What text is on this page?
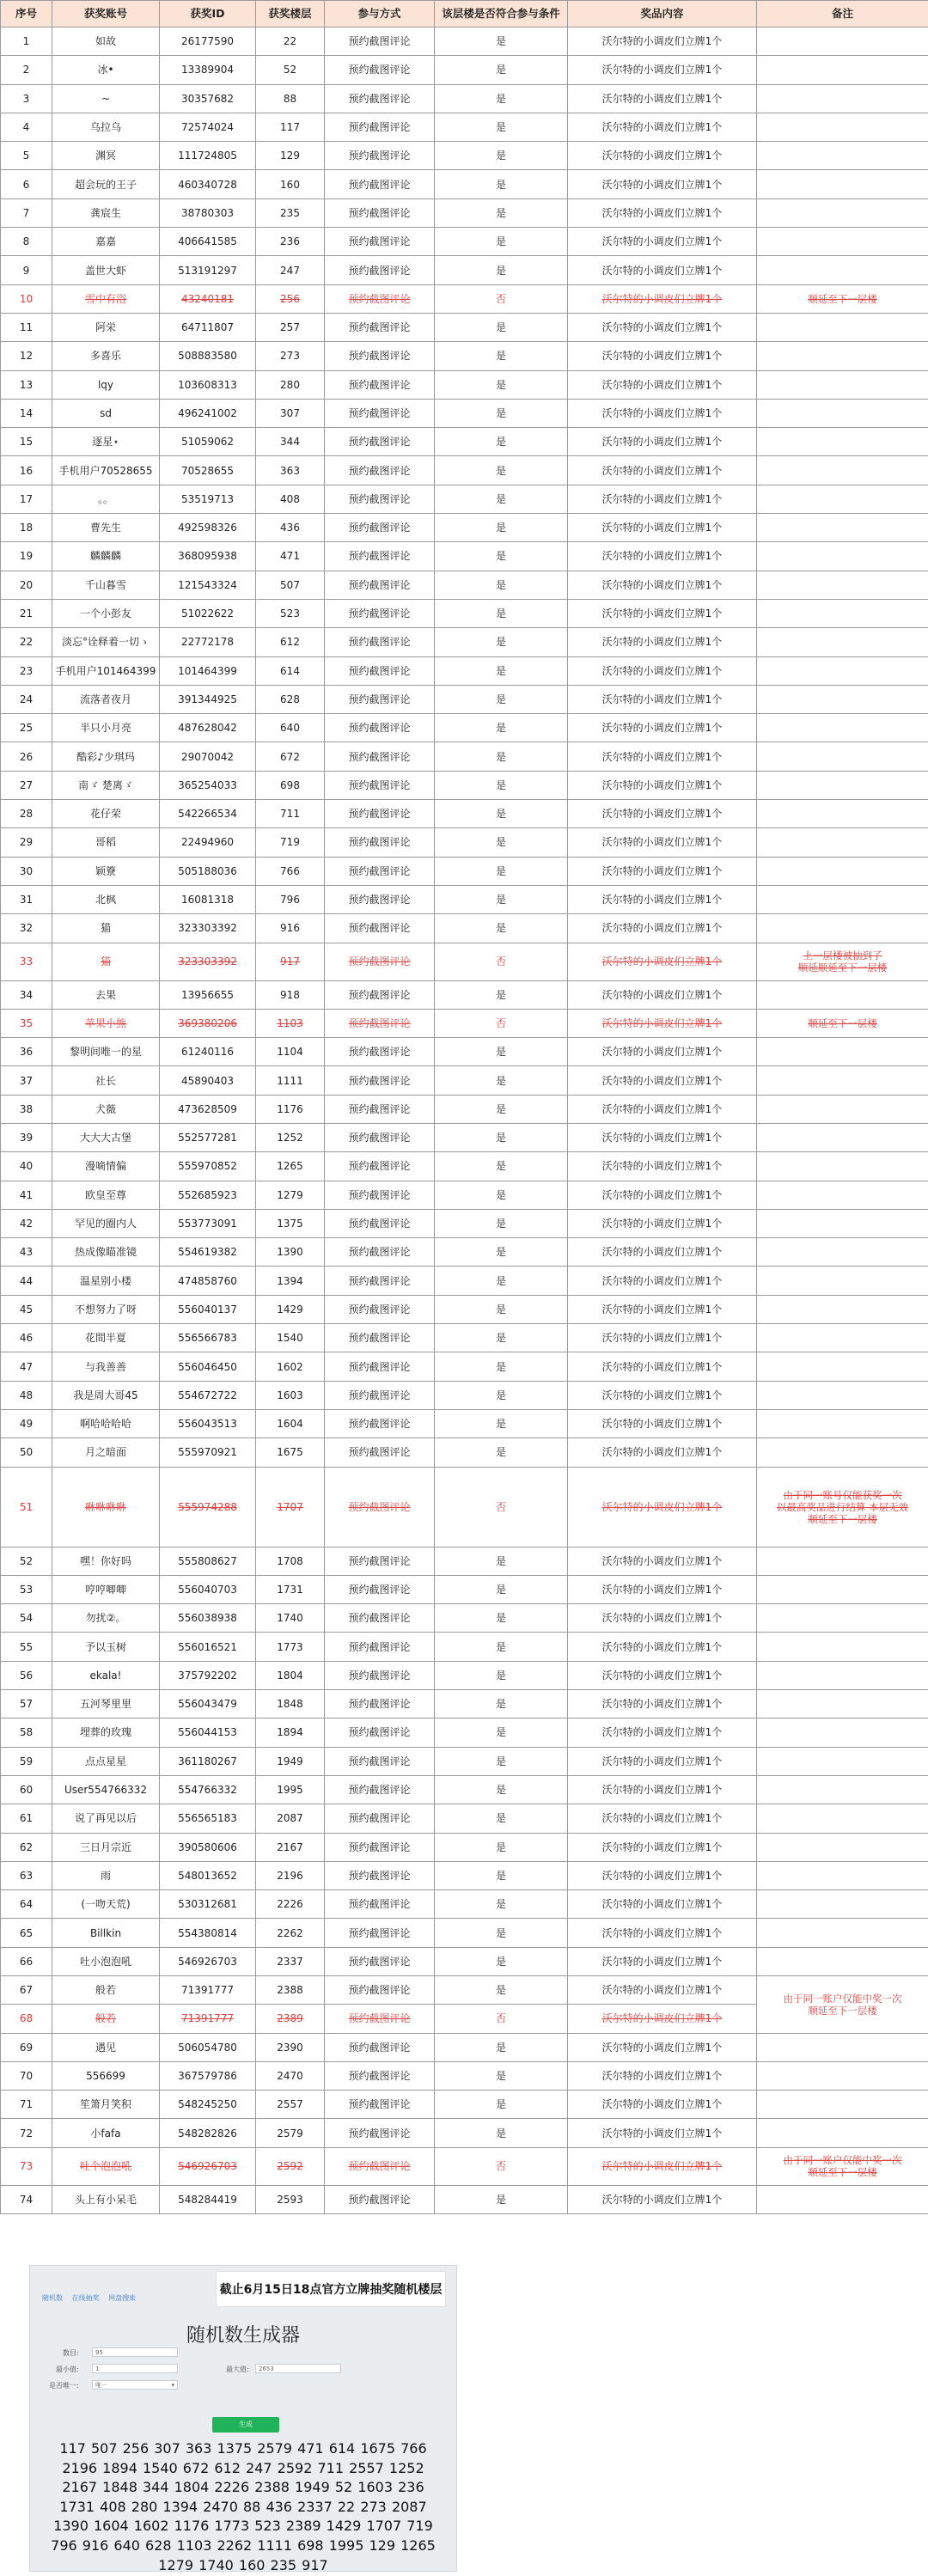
序号	获奖账号	获奖ID	获奖楼层	参与方式	该层楼是否符合参与条件	奖品内容	备注
1	如故	26177590	22	预约截图评论	是	沃尔特的小调皮们立牌1个	
2	冰•	13389904	52	预约截图评论	是	沃尔特的小调皮们立牌1个	
3	~	30357682	88	预约截图评论	是	沃尔特的小调皮们立牌1个	
4	乌拉乌	72574024	117	预约截图评论	是	沃尔特的小调皮们立牌1个	
5	渊冥	111724805	129	预约截图评论	是	沃尔特的小调皮们立牌1个	
6	超会玩的王子	460340728	160	预约截图评论	是	沃尔特的小调皮们立牌1个	
7	龚宸生	38780303	235	预约截图评论	是	沃尔特的小调皮们立牌1个	
8	嘉嘉	406641585	236	预约截图评论	是	沃尔特的小调皮们立牌1个	
9	盖世大虾	513191297	247	预约截图评论	是	沃尔特的小调皮们立牌1个	
10	雪中有浴	43240181	256	预约截图评论	否	沃尔特的小调皮们立牌1个	顺延至下一层楼

11	阿栄	64711807	257	预约截图评论	是	沃尔特的小调皮们立牌1个	
12	多喜乐	508883580	273	预约截图评论	是	沃尔特的小调皮们立牌1个	
13	lqy	103608313	280	预约截图评论	是	沃尔特的小调皮们立牌1个	
14	sd	496241002	307	预约截图评论	是	沃尔特的小调皮们立牌1个	
15	逐星⋆	51059062	344	预约截图评论	是	沃尔特的小调皮们立牌1个	
16	手机用户70528655	70528655	363	预约截图评论	是	沃尔特的小调皮们立牌1个	
17	。。	53519713	408	预约截图评论	是	沃尔特的小调皮们立牌1个	
18	曹先生	492598326	436	预约截图评论	是	沃尔特的小调皮们立牌1个	
19	麟麟麟	368095938	471	预约截图评论	是	沃尔特的小调皮们立牌1个	
20	千山暮雪	121543324	507	预约截图评论	是	沃尔特的小调皮们立牌1个	
21	一个小彭友	51022622	523	预约截图评论	是	沃尔特的小调皮们立牌1个	
22	淡忘°诠释着一切ゝ	22772178	612	预约截图评论	是	沃尔特的小调皮们立牌1个	
23	手机用户101464399	101464399	614	预约截图评论	是	沃尔特的小调皮们立牌1个	
24	流落者夜月	391344925	628	预约截图评论	是	沃尔特的小调皮们立牌1个	
25	半只小月亮	487628042	640	预约截图评论	是	沃尔特的小调皮们立牌1个	
26	酷彩♪少琪玛	29070042	672	预约截图评论	是	沃尔特的小调皮们立牌1个	
27	南ゞ 楚离ゞ	365254033	698	预约截图评论	是	沃尔特的小调皮们立牌1个	
28	花仔荣	542266534	711	预约截图评论	是	沃尔特的小调皮们立牌1个	
29	哥稻	22494960	719	预约截图评论	是	沃尔特的小调皮们立牌1个	
30	颖簝	505188036	766	预约截图评论	是	沃尔特的小调皮们立牌1个	
31	北枫	16081318	796	预约截图评论	是	沃尔特的小调皮们立牌1个	
32	猫	323303392	916	预约截图评论	是	沃尔特的小调皮们立牌1个	
33	猫	323303392	917	预约截图评论	否	沃尔特的小调皮们立牌1个	上一层楼被抽到了
顺延顺延至下一层楼

34	去果	13956655	918	预约截图评论	是	沃尔特的小调皮们立牌1个	
35	苹果小熊	369380206	1103	预约截图评论	否	沃尔特的小调皮们立牌1个	顺延至下一层楼

36	黎明间唯一的星	61240116	1104	预约截图评论	是	沃尔特的小调皮们立牌1个	
37	社长	45890403	1111	预约截图评论	是	沃尔特的小调皮们立牌1个	
38	犬薇	473628509	1176	预约截图评论	是	沃尔特的小调皮们立牌1个	
39	大大大古堡	552577281	1252	预约截图评论	是	沃尔特的小调皮们立牌1个	
40	漫嘀情偏	555970852	1265	预约截图评论	是	沃尔特的小调皮们立牌1个	
41	欧皇至尊	552685923	1279	预约截图评论	是	沃尔特的小调皮们立牌1个	
42	罕见的圈内人	553773091	1375	预约截图评论	是	沃尔特的小调皮们立牌1个	
43	热成像瞄准镜	554619382	1390	预约截图评论	是	沃尔特的小调皮们立牌1个	
44	温星别小楼	474858760	1394	预约截图评论	是	沃尔特的小调皮们立牌1个	
45	不想努力了呀	556040137	1429	预约截图评论	是	沃尔特的小调皮们立牌1个	
46	花間半夏	556566783	1540	预约截图评论	是	沃尔特的小调皮们立牌1个	
47	与我善善	556046450	1602	预约截图评论	是	沃尔特的小调皮们立牌1个	
48	我是周大哥45	554672722	1603	预约截图评论	是	沃尔特的小调皮们立牌1个	
49	啊哈哈哈哈	556043513	1604	预约截图评论	是	沃尔特的小调皮们立牌1个	
50	月之暗面	555970921	1675	预约截图评论	是	沃尔特的小调皮们立牌1个	
51	咻咻咻咻	555974288	1707	预约截图评论	否	沃尔特的小调皮们立牌1个	由于同一账号仅能获奖一次
以最高奖品进行结算 本层无效
顺延至下一层楼

52	嘿！你好吗	555808627	1708	预约截图评论	是	沃尔特的小调皮们立牌1个	
53	哼哼唧唧	556040703	1731	预约截图评论	是	沃尔特的小调皮们立牌1个	
54	勿扰②。	556038938	1740	预约截图评论	是	沃尔特的小调皮们立牌1个	
55	予以玉树	556016521	1773	预约截图评论	是	沃尔特的小调皮们立牌1个	
56	ekala!	375792202	1804	预约截图评论	是	沃尔特的小调皮们立牌1个	
57	五河琴里里	556043479	1848	预约截图评论	是	沃尔特的小调皮们立牌1个	
58	埋葬的玫瑰	556044153	1894	预约截图评论	是	沃尔特的小调皮们立牌1个	
59	点点星星	361180267	1949	预约截图评论	是	沃尔特的小调皮们立牌1个	
60	User554766332	554766332	1995	预约截图评论	是	沃尔特的小调皮们立牌1个	
61	说了再见以后	556565183	2087	预约截图评论	是	沃尔特的小调皮们立牌1个	
62	三日月宗近	390580606	2167	预约截图评论	是	沃尔特的小调皮们立牌1个	
63	雨	548013652	2196	预约截图评论	是	沃尔特的小调皮们立牌1个	
64	(一吻天荒)	530312681	2226	预约截图评论	是	沃尔特的小调皮们立牌1个	
65	Billkin	554380814	2262	预约截图评论	是	沃尔特的小调皮们立牌1个	
66	吐小泡泡吼	546926703	2337	预约截图评论	是	沃尔特的小调皮们立牌1个	
67	般若	71391777	2388	预约截图评论	是	沃尔特的小调皮们立牌1个	由于同一账户仅能中奖一次
顺延至下一层楼

68	般若	71391777	2389	预约截图评论	否	沃尔特的小调皮们立牌1个	
69	遇见	506054780	2390	预约截图评论	是	沃尔特的小调皮们立牌1个	
70	556699	367579786	2470	预约截图评论	是	沃尔特的小调皮们立牌1个	
71	笙箫月笑积	548245250	2557	预约截图评论	是	沃尔特的小调皮们立牌1个	
72	小fafa	548282826	2579	预约截图评论	是	沃尔特的小调皮们立牌1个	
73	吐个泡泡吼	546926703	2592	预约截图评论	否	沃尔特的小调皮们立牌1个	由于同一账户仅能中奖一次
顺延至下一层楼

74	头上有小呆毛	548284419	2593	预约截图评论	是	沃尔特的小调皮们立牌1个	
随机数 在线抽奖 网盘搜索
截止6月15日18点官方立牌抽奖随机楼层
随机数生成器
数目:	95
最小值:	1	最大值:	2653
是否唯一:	唯一	▾
生成
117 507 256 307 363 1375 2579 471 614 1675 766 2196 1894 1540 672 612 247 2592 711 2557 1252 2167 1848 344 1804 2226 2388 1949 52 1603 236 1731 408 280 1394 2470 88 436 2337 22 273 2087 1390 1604 1602 1176 1773 523 2389 1429 1707 719 796 916 640 628 1103 2262 1111 698 1995 129 1265 1279 1740 160 235 917
